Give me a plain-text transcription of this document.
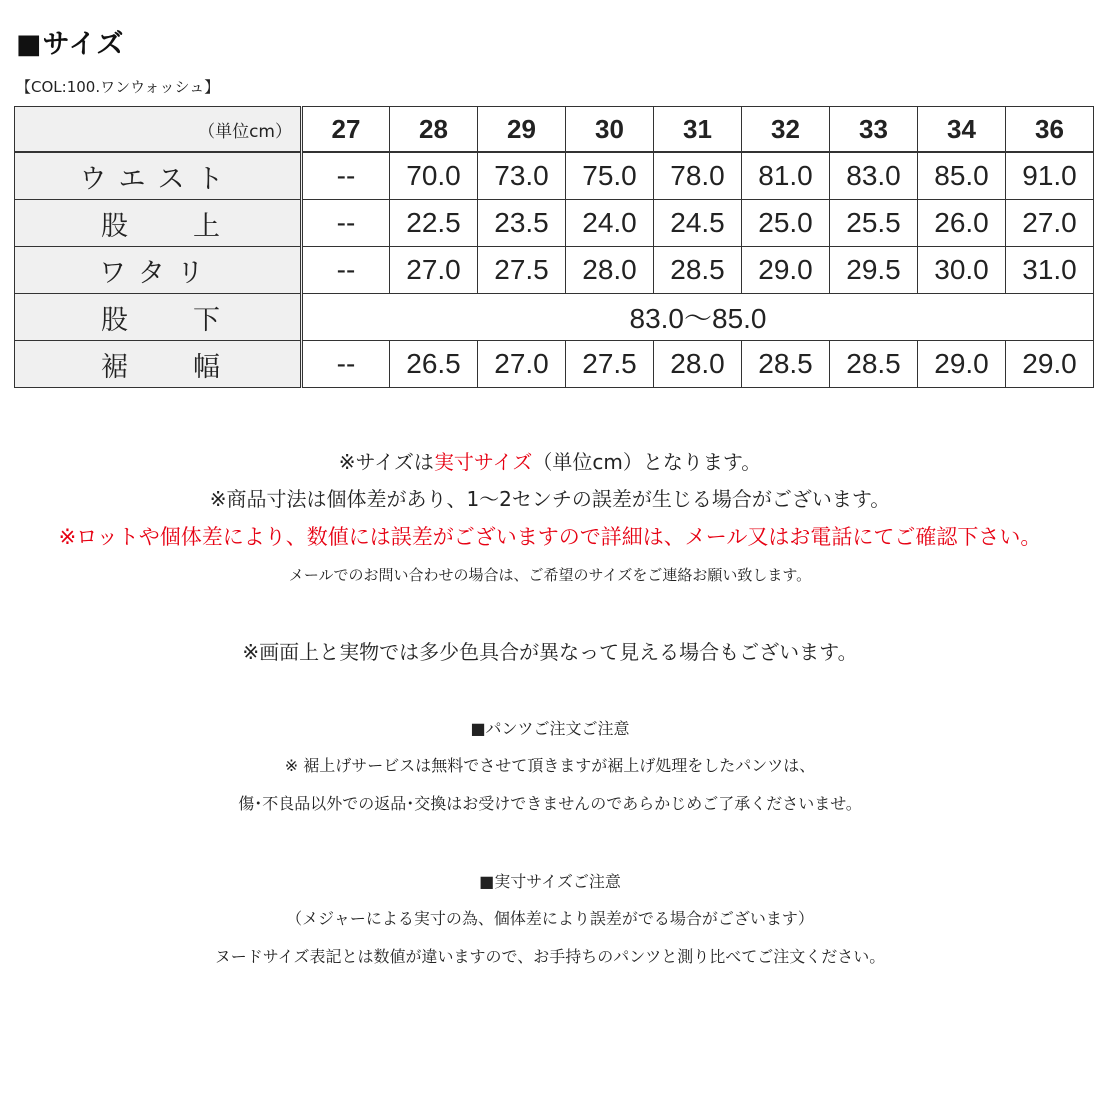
■サイズ
【COL:100.ワンウォッシュ】
（単位cm）	27	28	29	30	31	32	33	34	36
ウエスト	--	70.0	73.0	75.0	78.0	81.0	83.0	85.0	91.0

股 上	--	22.5	23.5	24.0	24.5	25.0	25.5	26.0	27.0
ワタリ	--	27.0	27.5	28.0	28.5	29.0	29.5	30.0	31.0

股 下	83.0～85.0								

裾 幅	--	26.5	27.0	27.5	28.0	28.5	28.5	29.0	29.0
※サイズは実寸サイズ（単位cm）となります。
※商品寸法は個体差があり、1～2センチの誤差が生じる場合がございます。
※ロットや個体差により、数値には誤差がございますので詳細は、メール又はお電話にてご確認下さい。
メールでのお問い合わせの場合は、ご希望のサイズをご連絡お願い致します。
※画面上と実物では多少色具合が異なって見える場合もございます。
■パンツご注文ご注意
※ 裾上げサービスは無料でさせて頂きますが裾上げ処理をしたパンツは、
傷･不良品以外での返品･交換はお受けできませんのであらかじめご了承くださいませ。
■実寸サイズご注意
（メジャーによる実寸の為、個体差により誤差がでる場合がございます）
ヌードサイズ表記とは数値が違いますので、お手持ちのパンツと測り比べてご注文ください。
